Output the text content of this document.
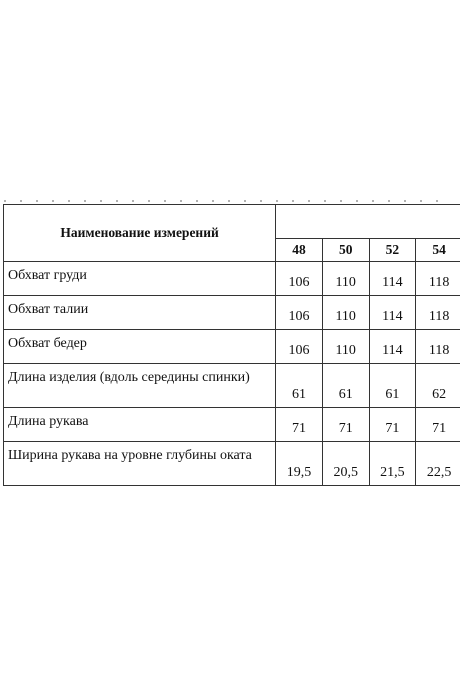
Наименование измерений				
	48	50	52	54
Обхват груди	106	110	114	118
Обхват талии	106	110	114	118
Обхват бедер	106	110	114	118
Длина изделия (вдоль середины спинки)	61	61	61	62
Длина рукава	71	71	71	71
Ширина рукава на уровне глубины оката	19,5	20,5	21,5	22,5
